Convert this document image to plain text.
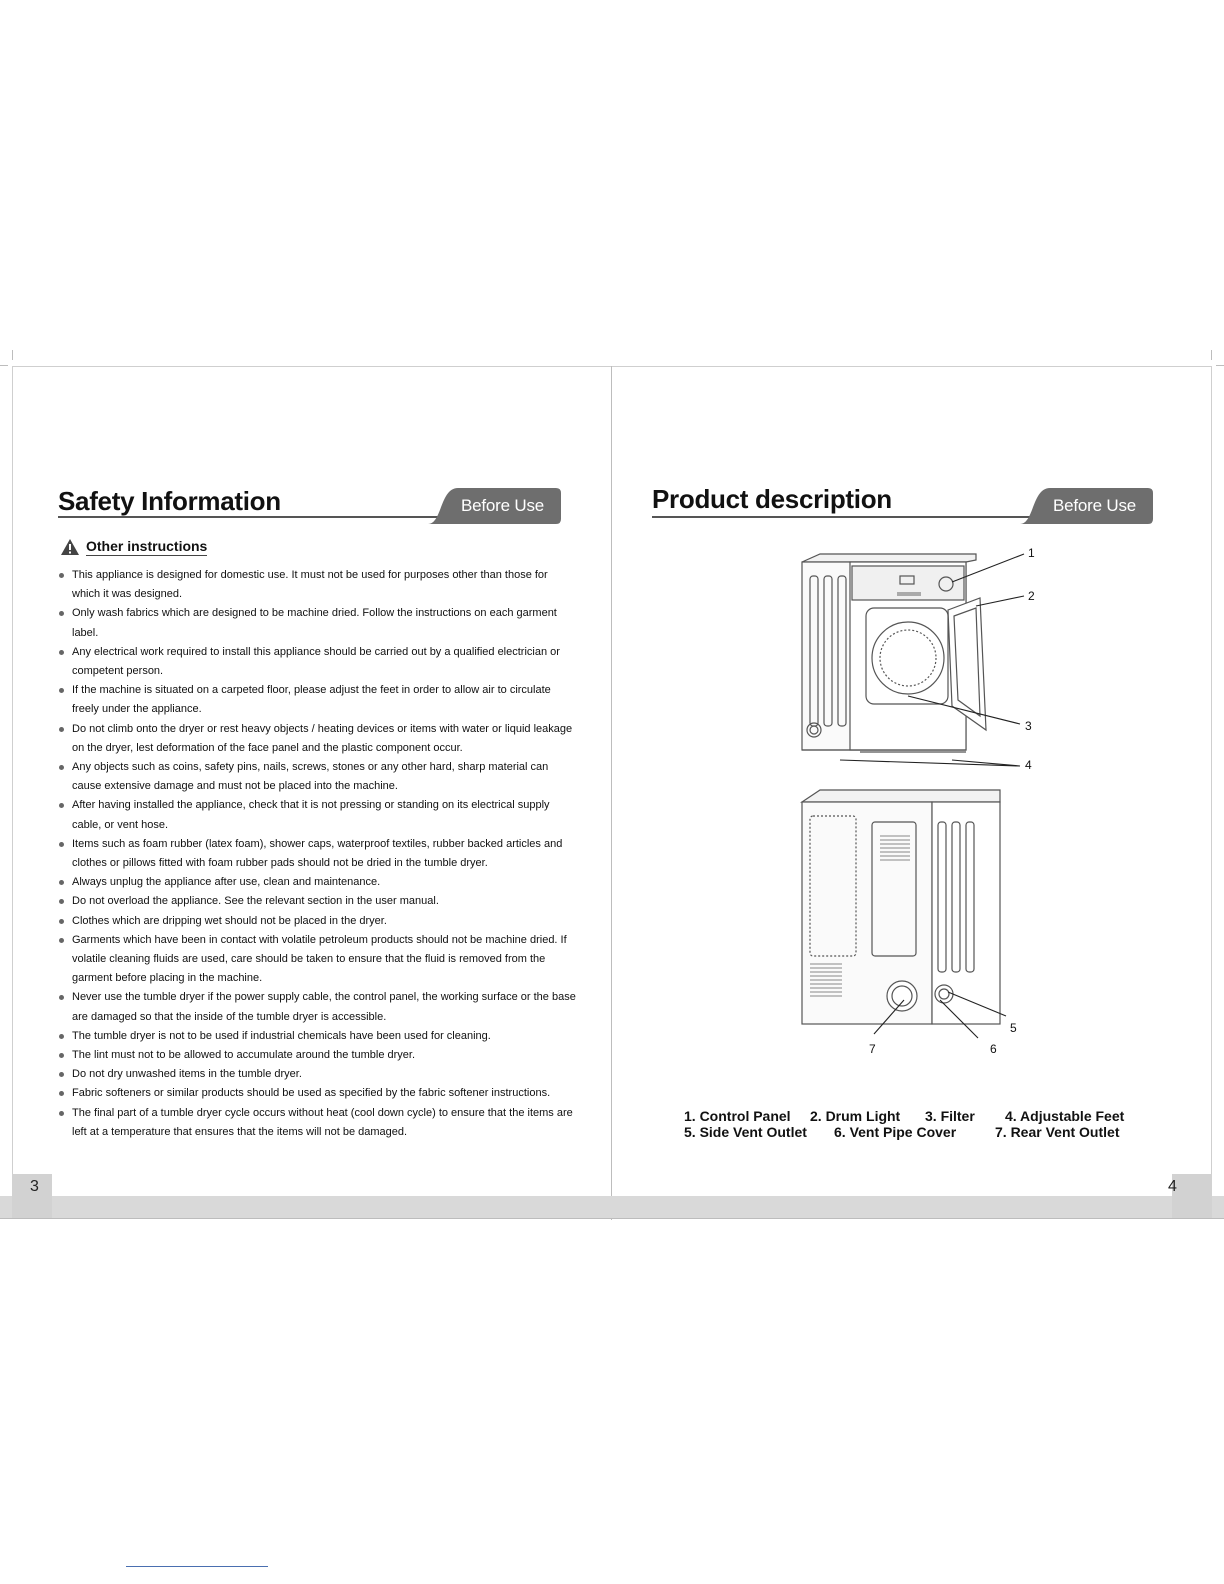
Safety Information	Before Use
Other instructions
This appliance is designed for domestic use. It must not be used for purposes other than those for which it was designed.
Only wash fabrics which are designed to be machine dried. Follow the instructions on each garment label.
Any electrical work required to install this appliance should be carried out by a qualified electrician or competent person.
If the machine is situated on a carpeted floor, please adjust the feet in order to allow air to circulate freely under the appliance.
Do not climb onto the dryer or rest heavy objects / heating devices or items with water or liquid leakage on the dryer, lest deformation of the face panel and the plastic component occur.
Any objects such as coins, safety pins, nails, screws, stones or any other hard, sharp material can cause extensive damage and must not be placed into the machine.
After having installed the appliance, check that it is not pressing or standing on its electrical supply cable, or vent hose.
Items such as foam rubber (latex foam), shower caps, waterproof textiles, rubber backed articles and clothes or pillows fitted with foam rubber pads should not be dried in the tumble dryer.
Always unplug the appliance after use, clean and maintenance.
Do not overload the appliance. See the relevant section in the user manual.
Clothes which are dripping wet should not be placed in the dryer.
Garments which have been in contact with volatile petroleum products should not be machine dried. If volatile cleaning fluids are used, care should be taken to ensure that the fluid is removed from the garment before placing in the machine.
Never use the tumble dryer if the power supply cable, the control panel, the working surface or the base are damaged so that the inside of the tumble dryer is accessible.
The tumble dryer is not to be used if industrial chemicals have been used for cleaning.
The lint must not to be allowed to accumulate around the tumble dryer.
Do not dry unwashed items in the tumble dryer.
Fabric softeners or similar products should be used as specified by the fabric softener instructions.
The final part of a tumble dryer cycle occurs without heat (cool down cycle) to ensure that the items are left at a temperature that ensures that the items will not be damaged.
3
Product description	Before Use
1
2
3
4
5
6
7
1. Control Panel 2. Drum Light 3. Filter 4. Adjustable Feet
5. Side Vent Outlet 6. Vent Pipe Cover	7. Rear Vent Outlet
4
